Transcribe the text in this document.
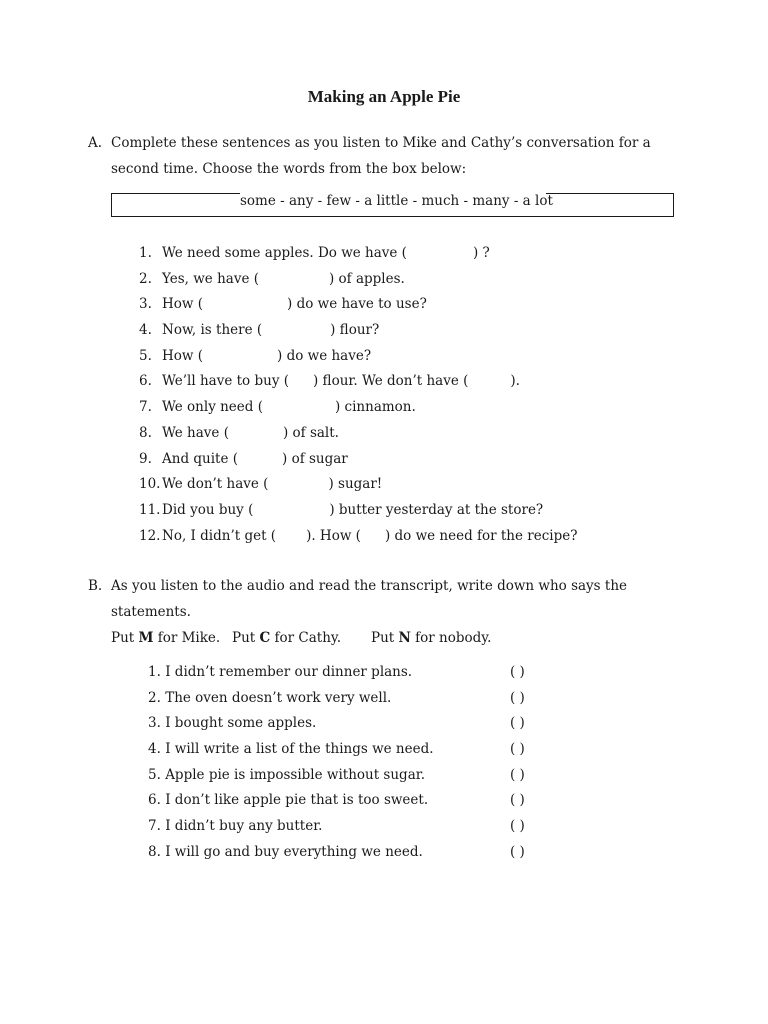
Making an Apple Pie
A. Complete these sentences as you listen to Mike and Cathy’s conversation for a
second time. Choose the words from the box below:
some - any - few - a little - much - many - a lot
1. We need some apples. Do we have (	) ?
2. Yes, we have (	) of apples.
3. How (	) do we have to use?
4. Now, is there (	) flour?
5. How (	) do we have?
6. We’ll have to buy ( ) flour. We don’t have (	).
7. We only need (	) cinnamon.
8. We have (	) of salt.
9. And quite (	) of sugar
10. We don’t have (	) sugar!
11. Did you buy (	) butter yesterday at the store?
12. No, I didn’t get ( ). How ( ) do we need for the recipe?
B. As you listen to the audio and read the transcript, write down who says the
statements.
Put M for Mike. Put C for Cathy. Put N for nobody.
1. I didn’t remember our dinner plans.	( )
2. The oven doesn’t work very well.	( )
3. I bought some apples.	( )
4. I will write a list of the things we need.	( )
5. Apple pie is impossible without sugar.	( )
6. I don’t like apple pie that is too sweet.	( )
7. I didn’t buy any butter.	( )
8. I will go and buy everything we need.	( )
